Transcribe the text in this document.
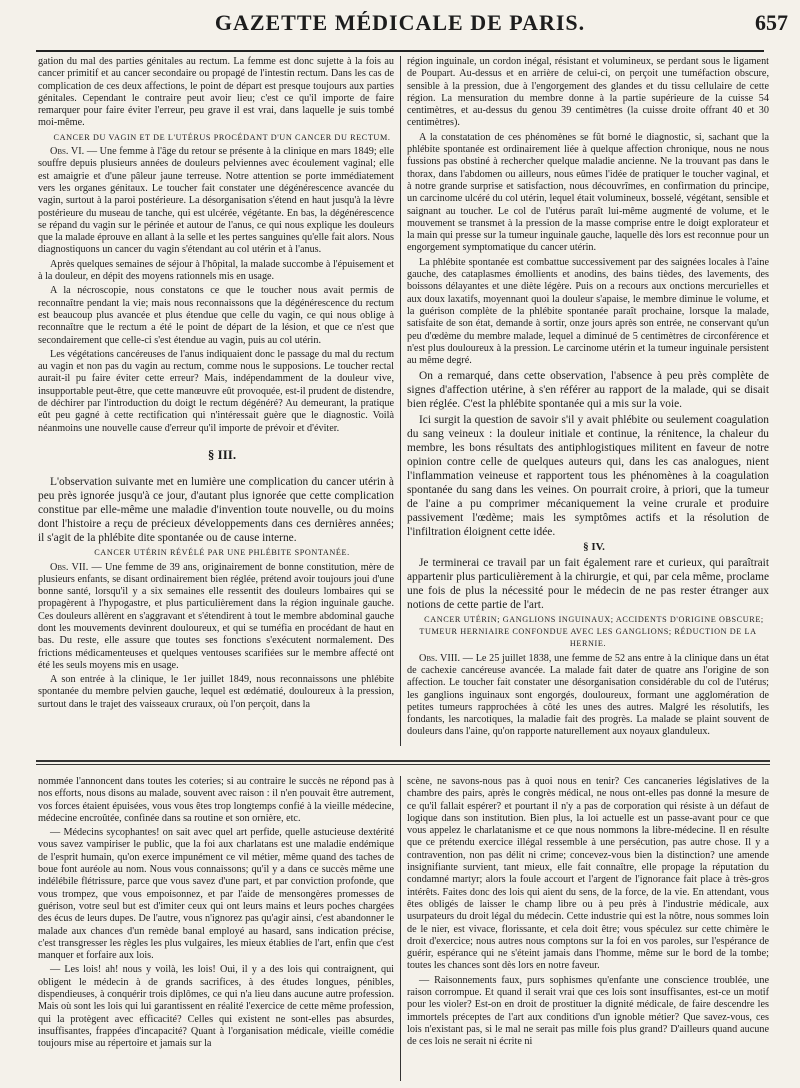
GAZETTE MÉDICALE DE PARIS.	657

gation du mal des parties génitales au rectum. La femme est donc sujette à la fois au cancer primitif et au cancer secondaire ou propagé de l'intestin rectum. Dans les cas de complication de ces deux affections, le point de départ est presque toujours aux parties génitales. Cependant le contraire peut avoir lieu; c'est ce qu'il importe de faire remarquer pour faire éviter l'erreur, peu grave il est vrai, dans laquelle je suis tombé moi-même.

CANCER DU VAGIN ET DE L'UTÉRUS PROCÉDANT D'UN CANCER DU RECTUM.

Obs. VI. — Une femme à l'âge du retour se présente à la clinique en mars 1849; elle souffre depuis plusieurs années de douleurs pelviennes avec écoulement vaginal; elle est amaigrie et d'une pâleur jaune terreuse. Notre attention se porte immédiatement vers les organes génitaux. Le toucher fait constater une dégénérescence avancée du vagin, surtout à la paroi postérieure. La désorganisation s'étend en haut jusqu'à la lèvre postérieure du museau de tanche, qui est ulcérée, végétante. En bas, la dégénérescence se répand du vagin sur le périnée et autour de l'anus, ce qui nous explique les douleurs que la malade éprouve en allant à la selle et les pertes sanguines qu'elle fait alors. Nous diagnostiquons un cancer du vagin s'étendant au col utérin et à l'anus.

Après quelques semaines de séjour à l'hôpital, la malade succombe à l'épuisement et à la douleur, en dépit des moyens rationnels mis en usage.

A la nécroscopie, nous constatons ce que le toucher nous avait permis de reconnaître pendant la vie; mais nous reconnaissons que la dégénérescence du rectum est beaucoup plus avancée et plus étendue que celle du vagin, ce qui nous oblige à reconnaître que le rectum a été le point de départ de la lésion, et que ce n'est que secondairement que celle-ci s'est étendue au vagin, puis au col utérin.

Les végétations cancéreuses de l'anus indiquaient donc le passage du mal du rectum au vagin et non pas du vagin au rectum, comme nous le supposions. Le toucher rectal aurait-il pu faire éviter cette erreur? Mais, indépendamment de la douleur vive, insupportable peut-être, que cette manœuvre eût provoquée, est-il prudent de distendre, de déchirer par l'introduction du doigt le rectum dégénéré? Au demeurant, la pratique eût peu gagné à cette rectification qui n'intéressait guère que le diagnostic. Voilà néanmoins une nouvelle cause d'erreur qu'il importe de prévoir et d'éviter.

§ III.

L'observation suivante met en lumière une complication du cancer utérin à peu près ignorée jusqu'à ce jour, d'autant plus ignorée que cette complication constitue par elle-même une maladie d'invention toute nouvelle, ou du moins dont l'histoire a reçu de précieux développements dans ces dernières années; il s'agit de la phlébite dite spontanée ou de cause interne.

CANCER UTÉRIN RÉVÉLÉ PAR UNE PHLÉBITE SPONTANÉE.

Obs. VII. — Une femme de 39 ans, originairement de bonne constitution, mère de plusieurs enfants, se disant ordinairement bien réglée, prétend avoir toujours joui d'une bonne santé, lorsqu'il y a six semaines elle ressentit des douleurs lombaires qui se propagèrent à l'hypogastre, et plus particulièrement dans la région inguinale gauche. Ces douleurs allèrent en s'aggravant et s'étendirent à tout le membre abdominal gauche dont les mouvements devinrent douloureux, et qui se tuméfia en procédant de haut en bas. Du reste, elle assure que toutes ses fonctions s'exécutent normalement. Des frictions médicamenteuses et quelques ventouses scarifiées sur le membre affecté ont été les seuls moyens mis en usage.

A son entrée à la clinique, le 1er juillet 1849, nous reconnaissons une phlébite spontanée du membre pelvien gauche, lequel est œdématié, douloureux à la pression, surtout dans le trajet des vaisseaux cruraux, où l'on perçoit, dans la

région inguinale, un cordon inégal, résistant et volumineux, se perdant sous le ligament de Poupart. Au-dessus et en arrière de celui-ci, on perçoit une tuméfaction obscure, sensible à la pression, due à l'engorgement des glandes et du tissu cellulaire de cette région. La mensuration du membre donne à la partie supérieure de la cuisse 54 centimètres, et au-dessus du genou 39 centimètres (la cuisse droite offrant 40 et 30 centimètres).

A la constatation de ces phénomènes se fût borné le diagnostic, si, sachant que la phlébite spontanée est ordinairement liée à quelque affection chronique, nous ne nous fussions pas obstiné à rechercher quelque maladie ancienne. Ne la trouvant pas dans le thorax, dans l'abdomen ou ailleurs, nous eûmes l'idée de pratiquer le toucher vaginal, et à notre grande surprise et satisfaction, nous découvrîmes, en confirmation du principe, un carcinome ulcéré du col utérin, lequel était volumineux, bosselé, végétant, sensible et saignant au toucher. Le col de l'utérus paraît lui-même augmenté de volume, et le mouvement se transmet à la pression de la masse comprise entre le doigt explorateur et la main qui presse sur la tumeur inguinale gauche, laquelle dès lors est reconnue pour un engorgement symptomatique du cancer utérin.

La phlébite spontanée est combattue successivement par des saignées locales à l'aine gauche, des cataplasmes émollients et anodins, des bains tièdes, des lavements, des boissons délayantes et une diète légère. Puis on a recours aux onctions mercurielles et aux doux laxatifs, moyennant quoi la douleur s'apaise, le membre diminue le volume, et la guérison complète de la phlébite spontanée paraît prochaine, lorsque la malade, satisfaite de son état, demande à sortir, onze jours après son entrée, ne conservant qu'un peu d'œdème du membre malade, lequel a diminué de 5 centimètres de circonférence et n'est plus douloureux à la pression. Le carcinome utérin et la tumeur inguinale persistent au même degré.

On a remarqué, dans cette observation, l'absence à peu près complète de signes d'affection utérine, à s'en référer au rapport de la malade, qui se disait bien réglée. C'est la phlébite spontanée qui a mis sur la voie.

Ici surgit la question de savoir s'il y avait phlébite ou seulement coagulation du sang veineux : la douleur initiale et continue, la rénitence, la chaleur du membre, les bons résultats des antiphlogistiques militent en faveur de notre opinion contre celle de quelques auteurs qui, dans les cas analogues, nient l'inflammation veineuse et rapportent tous les phénomènes à la coagulation spontanée du sang dans les veines. On pourrait croire, à priori, que la tumeur de l'aine a pu comprimer mécaniquement la veine crurale et produire passivement l'œdème; mais les symptômes actifs et la résolution de l'infiltration éloignent cette idée.

§ IV.

Je terminerai ce travail par un fait également rare et curieux, qui paraîtrait appartenir plus particulièrement à la chirurgie, et qui, par cela même, proclame une fois de plus la nécessité pour le médecin de ne pas rester étranger aux notions de cette partie de l'art.

CANCER UTÉRIN; GANGLIONS INGUINAUX; ACCIDENTS D'ORIGINE OBSCURE; TUMEUR HERNIAIRE CONFONDUE AVEC LES GANGLIONS; RÉDUCTION DE LA HERNIE.

Obs. VIII. — Le 25 juillet 1838, une femme de 52 ans entre à la clinique dans un état de cachexie cancéreuse avancée. La malade fait dater de quatre ans l'origine de son affection. Le toucher fait constater une désorganisation considérable du col de l'utérus; les ganglions inguinaux sont engorgés, douloureux, formant une agglomération de petites tumeurs rapprochées à côté les unes des autres. Malgré les résolutifs, les fondants, les narcotiques, la maladie fait des progrès. La malade se plaint souvent de douleurs dans l'aine, qu'on rapporte naturellement aux noyaux glanduleux.

nommée l'annoncent dans toutes les coteries; si au contraire le succès ne répond pas à nos efforts, nous disons au malade, souvent avec raison : il n'en pouvait être autrement, vos forces étaient épuisées, vous vous êtes trop longtemps confié à la vieille médecine, médecine encroûtée, confinée dans sa routine et son ornière, etc.

— Médecins sycophantes! on sait avec quel art perfide, quelle astucieuse dextérité vous savez vampiriser le public, que la foi aux charlatans est une maladie endémique de l'esprit humain, qu'on exerce impunément ce vil métier, même quand des taches de boue font auréole au nom. Nous vous connaissons; qu'il y a dans ce succès même une indélébile flétrissure, parce que vous savez d'une part, et par conviction profonde, que vous trompez, que vous empoisonnez, et par l'aide de mensongères promesses de guérison, votre seul but est d'imiter ceux qui ont leurs mains et leurs poches chargées des écus de leurs dupes. De l'autre, vous n'ignorez pas qu'agir ainsi, c'est abandonner le malade aux chances d'un remède banal employé au hasard, sans indication précise, c'est transgresser les règles les plus vulgaires, les mieux établies de l'art, enfin que c'est manquer et forfaire aux lois.

— Les lois! ah! nous y voilà, les lois! Oui, il y a des lois qui contraignent, qui obligent le médecin à de grands sacrifices, à des études longues, pénibles, dispendieuses, à conquérir trois diplômes, ce qui n'a lieu dans aucune autre profession. Mais où sont les lois qui lui garantissent en réalité l'exercice de cette même profession, qui la protègent avec efficacité? Celles qui existent ne sont-elles pas absurdes, insuffisantes, frappées d'incapacité? Quant à l'organisation médicale, vieille comédie toujours mise au répertoire et jamais sur la

scène, ne savons-nous pas à quoi nous en tenir? Ces cancaneries législatives de la chambre des pairs, après le congrès médical, ne nous ont-elles pas donné la mesure de ce qu'il fallait espérer? et pourtant il n'y a pas de corporation qui résiste à un défaut de logique dans son institution. Bien plus, la loi actuelle est un passe-avant pour ce que vous appelez le charlatanisme et ce que nous nommons la libre-médecine. Il en résulte que ce prétendu exercice illégal ressemble à une persécution, pas autre chose. Il y a contravention, non pas délit ni crime; concevez-vous bien la distinction? une amende insignifiante survient, tant mieux, elle fait connaître, elle propage la réputation du condamné martyr; alors la foule accourt et l'argent de l'ignorance fait place à très-gros intérêts. Faites donc des lois qui aient du sens, de la force, de la vie. En attendant, vous êtes obligés de laisser le champ libre ou à peu près à l'industrie médicale, aux usurpateurs du droit légal du médecin. Cette industrie qui est la nôtre, nous sommes loin de le nier, est vivace, florissante, et cela doit être; vous spéculez sur cette chimère le droit d'exercice; nous autres nous comptons sur la foi en vos paroles, sur l'espérance de guérir, espérance qui ne s'éteint jamais dans l'homme, même sur le bord de la tombe; toutes les chances sont dès lors en notre faveur.

— Raisonnements faux, purs sophismes qu'enfante une conscience troublée, une raison corrompue. Et quand il serait vrai que ces lois sont insuffisantes, est-ce un motif pour les violer? Est-on en droit de prostituer la dignité médicale, de faire descendre les immortels préceptes de l'art aux conditions d'un ignoble métier? Que savez-vous, ces lois n'existant pas, si le mal ne serait pas mille fois plus grand? D'ailleurs quand aucune de ces lois ne serait ni écrite ni
